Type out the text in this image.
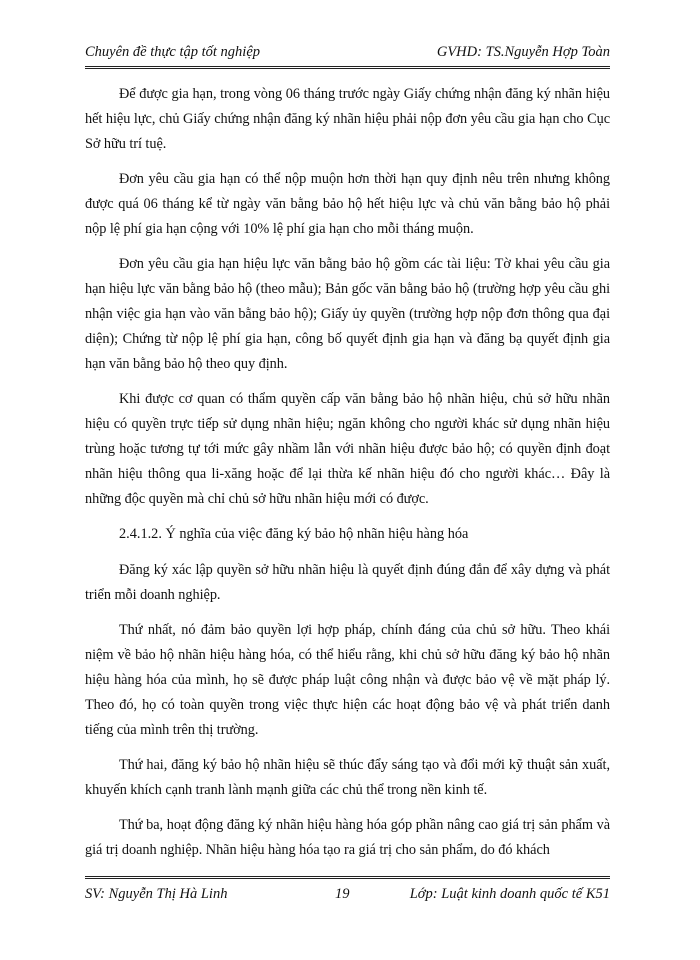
Chuyên đề thực tập tốt nghiệp	GVHD: TS.Nguyễn Hợp Toàn

Để được gia hạn, trong vòng 06 tháng trước ngày Giấy chứng nhận đăng ký nhãn hiệu hết hiệu lực, chủ Giấy chứng nhận đăng ký nhãn hiệu phải nộp đơn yêu cầu gia hạn cho Cục Sở hữu trí tuệ.

Đơn yêu cầu gia hạn có thể nộp muộn hơn thời hạn quy định nêu trên nhưng không được quá 06 tháng kể từ ngày văn bằng bảo hộ hết hiệu lực và chủ văn bằng bảo hộ phải nộp lệ phí gia hạn cộng với 10% lệ phí gia hạn cho mỗi tháng muộn.

Đơn yêu cầu gia hạn hiệu lực văn bằng bảo hộ gồm các tài liệu: Tờ khai yêu cầu gia hạn hiệu lực văn bằng bảo hộ (theo mẫu); Bản gốc văn bằng bảo hộ (trường hợp yêu cầu ghi nhận việc gia hạn vào văn bằng bảo hộ); Giấy ủy quyền (trường hợp nộp đơn thông qua đại diện); Chứng từ nộp lệ phí gia hạn, công bố quyết định gia hạn và đăng bạ quyết định gia hạn văn bằng bảo hộ theo quy định.

Khi được cơ quan có thẩm quyền cấp văn bằng bảo hộ nhãn hiệu, chủ sở hữu nhãn hiệu có quyền trực tiếp sử dụng nhãn hiệu; ngăn không cho người khác sử dụng nhãn hiệu trùng hoặc tương tự tới mức gây nhầm lẫn với nhãn hiệu được bảo hộ; có quyền định đoạt nhãn hiệu thông qua li-xăng hoặc để lại thừa kế nhãn hiệu đó cho người khác… Đây là những độc quyền mà chỉ chủ sở hữu nhãn hiệu mới có được.

2.4.1.2. Ý nghĩa của việc đăng ký bảo hộ nhãn hiệu hàng hóa

Đăng ký xác lập quyền sở hữu nhãn hiệu là quyết định đúng đắn để xây dựng và phát triển mỗi doanh nghiệp.

Thứ nhất, nó đảm bảo quyền lợi hợp pháp, chính đáng của chủ sở hữu. Theo khái niệm về bảo hộ nhãn hiệu hàng hóa, có thể hiểu rằng, khi chủ sở hữu đăng ký bảo hộ nhãn hiệu hàng hóa của mình, họ sẽ được pháp luật công nhận và được bảo vệ về mặt pháp lý. Theo đó, họ có toàn quyền trong việc thực hiện các hoạt động bảo vệ và phát triển danh tiếng của mình trên thị trường.

Thứ hai, đăng ký bảo hộ nhãn hiệu sẽ thúc đẩy sáng tạo và đổi mới kỹ thuật sản xuất, khuyến khích cạnh tranh lành mạnh giữa các chủ thể trong nền kinh tế.

Thứ ba, hoạt động đăng ký nhãn hiệu hàng hóa góp phần nâng cao giá trị sản phẩm và giá trị doanh nghiệp. Nhãn hiệu hàng hóa tạo ra giá trị cho sản phẩm, do đó khách

SV: Nguyễn Thị Hà Linh	19	Lớp: Luật kinh doanh quốc tế K51
